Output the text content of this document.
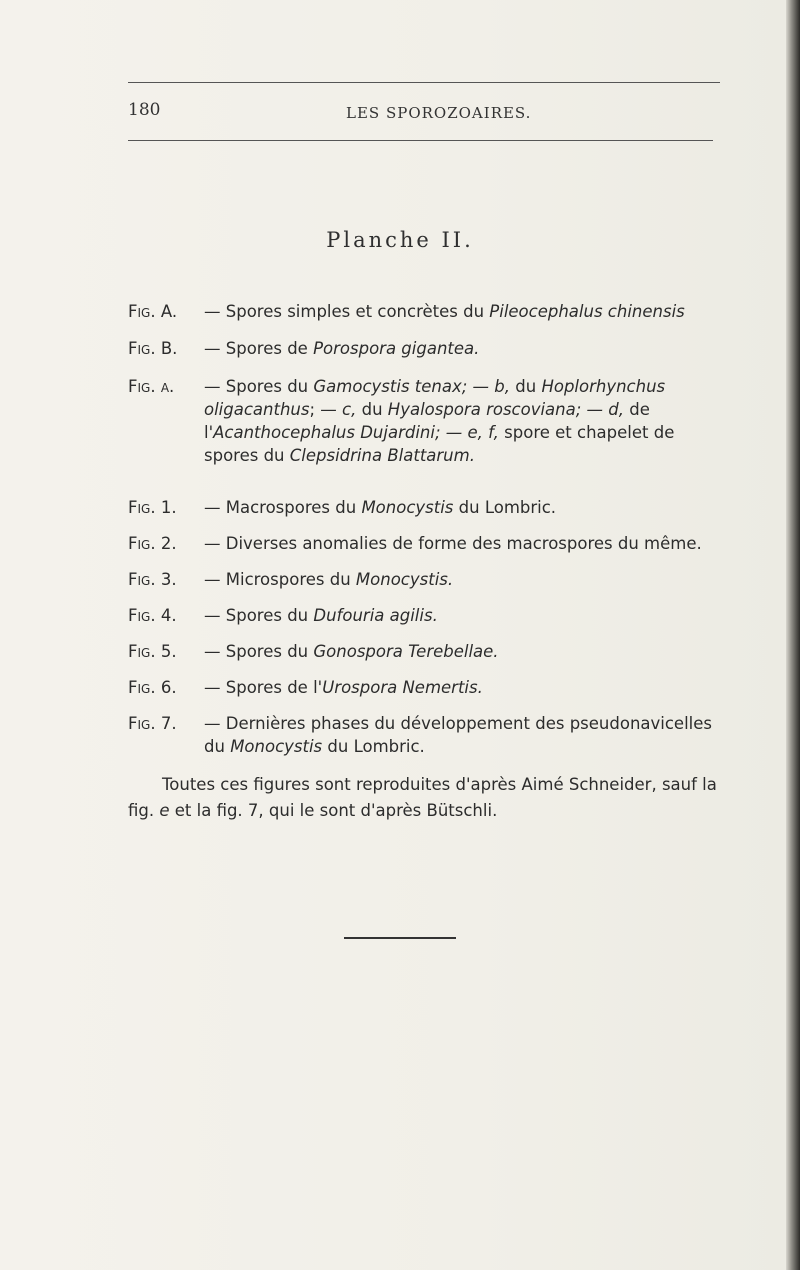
180	LES SPOROZOAIRES.
Planche II.
Fig. A. — Spores simples et concrètes du Pileocephalus chinensis
Fig. B. — Spores de Porospora gigantea.
Fig. a. — Spores du Gamocystis tenax; — b, du Hoplorhynchus oligacanthus; — c, du Hyalospora roscoviana; — d, de l'Acanthocephalus Dujardini; — e, f, spore et chapelet de spores du Clepsidrina Blattarum.
Fig. 1. — Macrospores du Monocystis du Lombric.
Fig. 2. — Diverses anomalies de forme des macrospores du même.
Fig. 3. — Microspores du Monocystis.
Fig. 4. — Spores du Dufouria agilis.
Fig. 5. — Spores du Gonospora Terebellae.
Fig. 6. — Spores de l'Urospora Nemertis.
Fig. 7. — Dernières phases du développement des pseudonavicelles du Monocystis du Lombric.

Toutes ces figures sont reproduites d'après Aimé Schneider, sauf la fig. e et la fig. 7, qui le sont d'après Bütschli.
